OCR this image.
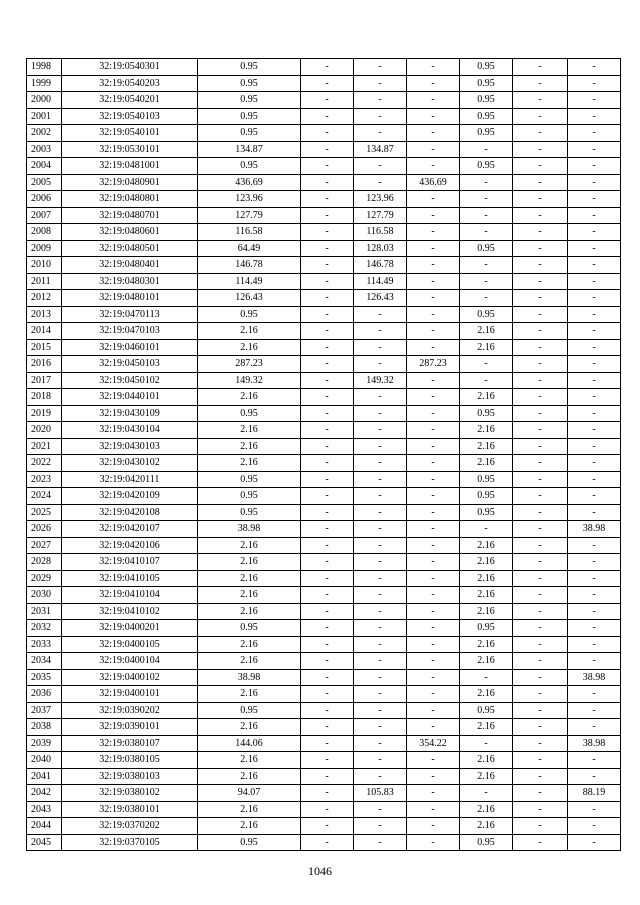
1998	32:19:0540301	0.95	-	-	-	0.95	-	-
1999	32:19:0540203	0.95	-	-	-	0.95	-	-
2000	32:19:0540201	0.95	-	-	-	0.95	-	-
2001	32:19:0540103	0.95	-	-	-	0.95	-	-
2002	32:19:0540101	0.95	-	-	-	0.95	-	-
2003	32:19:0530101	134.87	-	134.87	-	-	-	-
2004	32:19:0481001	0.95	-	-	-	0.95	-	-
2005	32:19:0480901	436.69	-	-	436.69	-	-	-
2006	32:19:0480801	123.96	-	123.96	-	-	-	-
2007	32:19:0480701	127.79	-	127.79	-	-	-	-
2008	32:19:0480601	116.58	-	116.58	-	-	-	-
2009	32:19:0480501	64.49	-	128.03	-	0.95	-	-
2010	32:19:0480401	146.78	-	146.78	-	-	-	-
2011	32:19:0480301	114.49	-	114.49	-	-	-	-
2012	32:19:0480101	126.43	-	126.43	-	-	-	-
2013	32:19:0470113	0.95	-	-	-	0.95	-	-
2014	32:19:0470103	2.16	-	-	-	2.16	-	-
2015	32:19:0460101	2.16	-	-	-	2.16	-	-
2016	32:19:0450103	287.23	-	-	287.23	-	-	-
2017	32:19:0450102	149.32	-	149.32	-	-	-	-
2018	32:19:0440101	2.16	-	-	-	2.16	-	-
2019	32:19:0430109	0.95	-	-	-	0.95	-	-
2020	32:19:0430104	2.16	-	-	-	2.16	-	-
2021	32:19:0430103	2.16	-	-	-	2.16	-	-
2022	32:19:0430102	2.16	-	-	-	2.16	-	-
2023	32:19:0420111	0.95	-	-	-	0.95	-	-
2024	32:19:0420109	0.95	-	-	-	0.95	-	-
2025	32:19:0420108	0.95	-	-	-	0.95	-	-
2026	32:19:0420107	38.98	-	-	-	-	-	38.98
2027	32:19:0420106	2.16	-	-	-	2.16	-	-
2028	32:19:0410107	2.16	-	-	-	2.16	-	-
2029	32:19:0410105	2.16	-	-	-	2.16	-	-
2030	32:19:0410104	2.16	-	-	-	2.16	-	-
2031	32:19:0410102	2.16	-	-	-	2.16	-	-
2032	32:19:0400201	0.95	-	-	-	0.95	-	-
2033	32:19:0400105	2.16	-	-	-	2.16	-	-
2034	32:19:0400104	2.16	-	-	-	2.16	-	-
2035	32:19:0400102	38.98	-	-	-	-	-	38.98
2036	32:19:0400101	2.16	-	-	-	2.16	-	-
2037	32:19:0390202	0.95	-	-	-	0.95	-	-
2038	32:19:0390101	2.16	-	-	-	2.16	-	-
2039	32:19:0380107	144.06	-	-	354.22	-	-	38.98
2040	32:19:0380105	2.16	-	-	-	2.16	-	-
2041	32:19:0380103	2.16	-	-	-	2.16	-	-
2042	32:19:0380102	94.07	-	105.83	-	-	-	88.19
2043	32:19:0380101	2.16	-	-	-	2.16	-	-
2044	32:19:0370202	2.16	-	-	-	2.16	-	-
2045	32:19:0370105	0.95	-	-	-	0.95	-	-
1046
